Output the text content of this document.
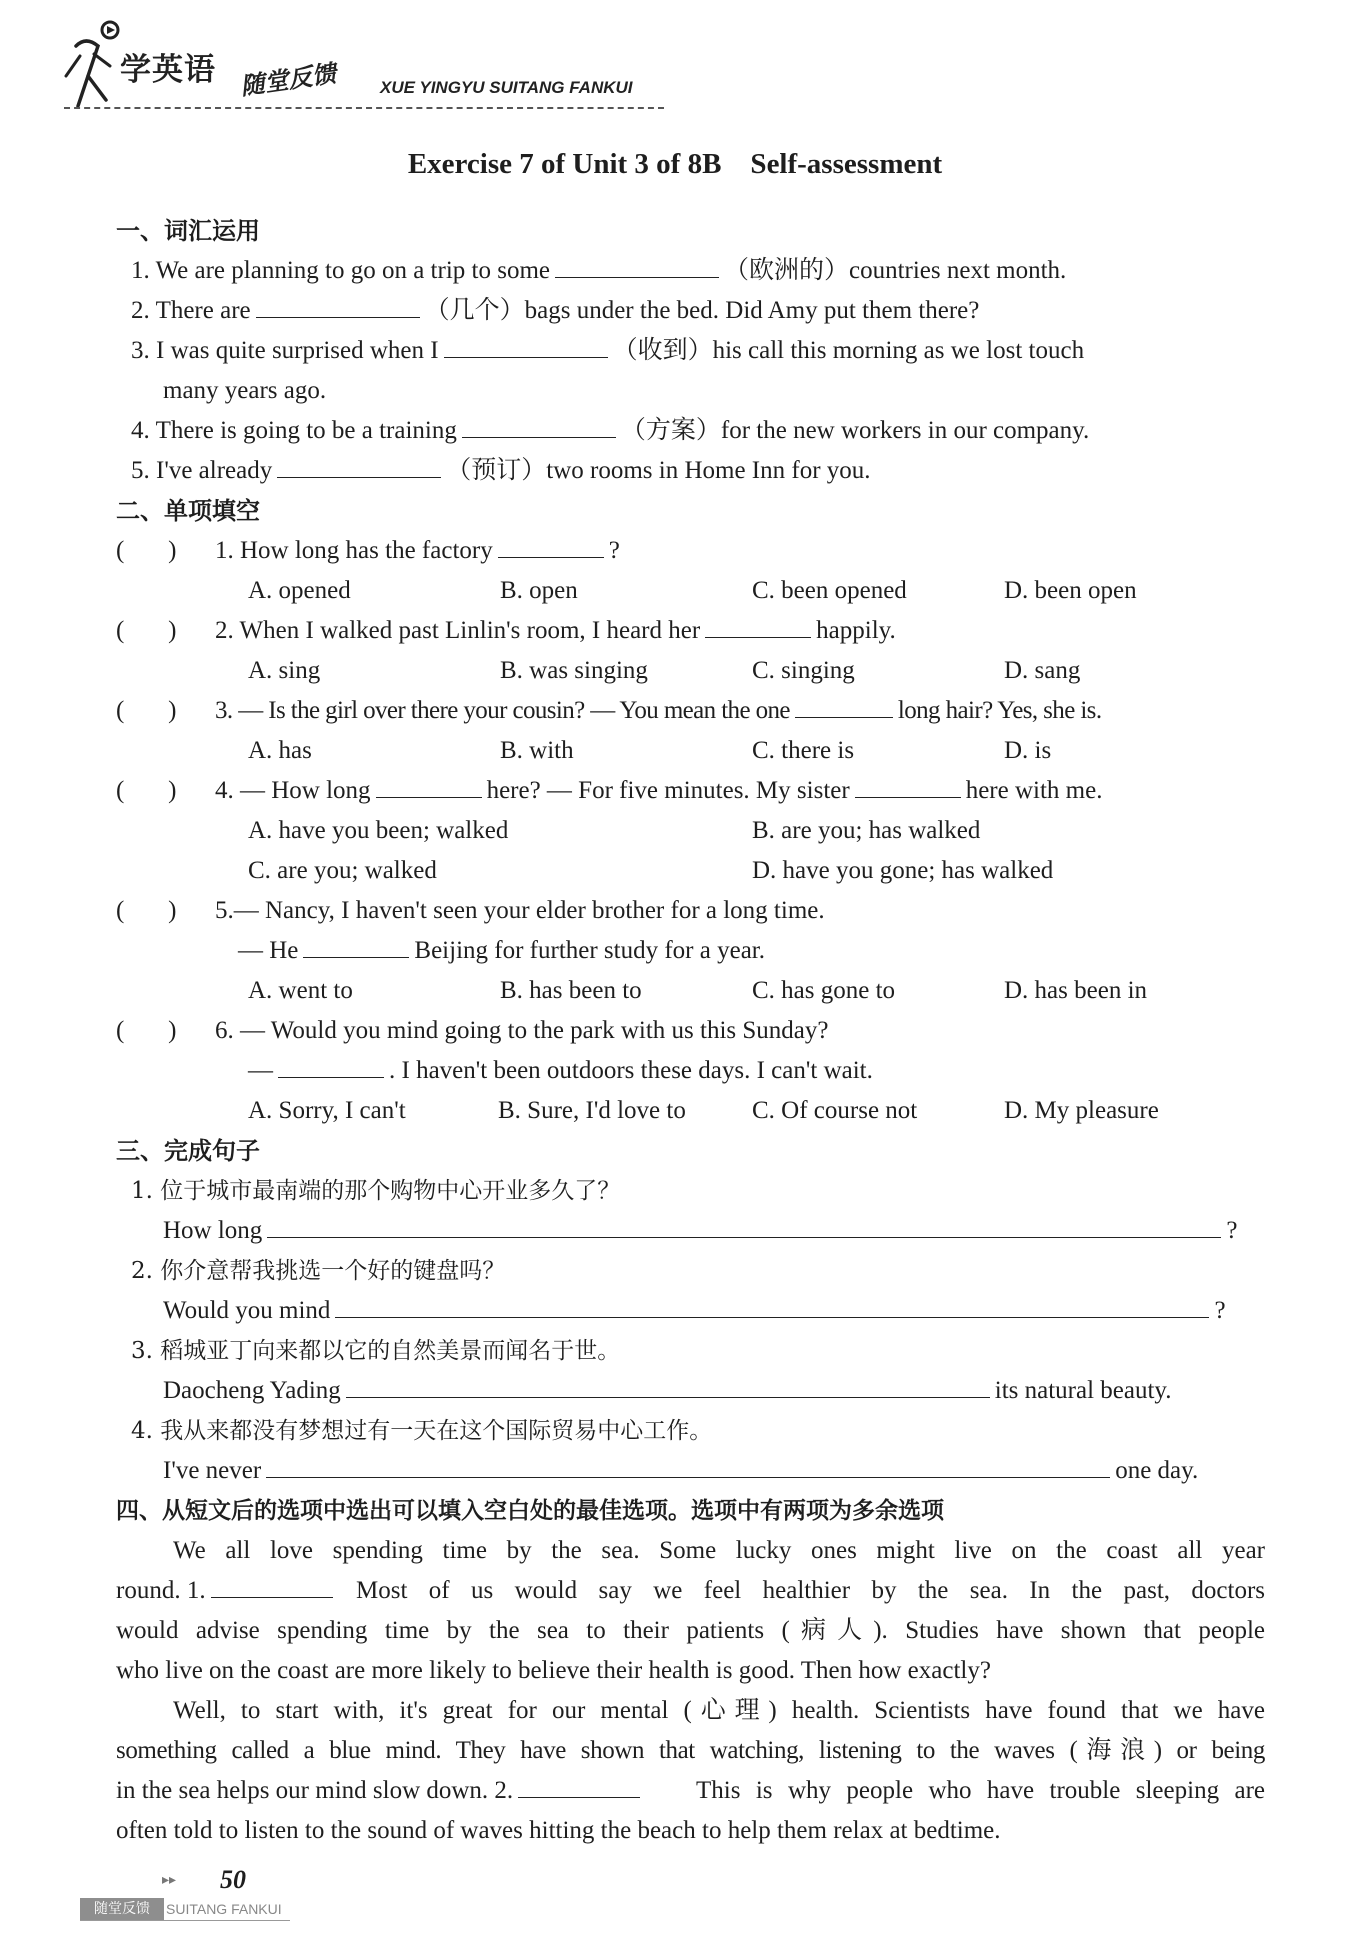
学英语 随堂反馈 XUE YINGYU SUITANG FANKUI
Exercise 7 of Unit 3 of 8B    Self-assessment
一、词汇运用
1. We are planning to go on a trip to some	（欧洲的）countries next month.
2. There are	（几个）bags under the bed. Did Amy put them there?
3. I was quite surprised when I	（收到）his call this morning as we lost touch
many years ago.
4. There is going to be a training	（方案）for the new workers in our company.
5. I've already	（预订）two rooms in Home Inn for you.
二、单项填空
(       ) 1. How long has the factory	?
A. opened	B. open	C. been opened	D. been open
(       ) 2. When I walked past Linlin's room, I heard her	happily.
A. sing	B. was singing	C. singing	D. sang
(       ) 3. — Is the girl over there your cousin? — You mean the one	long hair? Yes, she is.
A. has	B. with	C. there is	D. is
(       ) 4. — How long	here? — For five minutes. My sister	here with me.
A. have you been; walked	B. are you; has walked
C. are you; walked	D. have you gone; has walked
(       ) 5.— Nancy, I haven't seen your elder brother for a long time.
— He	Beijing for further study for a year.
A. went to	B. has been to	C. has gone to	D. has been in
(       ) 6. — Would you mind going to the park with us this Sunday?
—	. I haven't been outdoors these days. I can't wait.
A. Sorry, I can't	B. Sure, I'd love to	C. Of course not	D. My pleasure
三、完成句子
1. 位于城市最南端的那个购物中心开业多久了？
How long	?
2. 你介意帮我挑选一个好的键盘吗？
Would you mind	?
3. 稻城亚丁向来都以它的自然美景而闻名于世。
Daocheng Yading	its natural beauty.
4. 我从来都没有梦想过有一天在这个国际贸易中心工作。
I've never	one day.
四、从短文后的选项中选出可以填入空白处的最佳选项。选项中有两项为多余选项
We all love spending time by the sea. Some lucky ones might live on the coast all year
round. 1.	Most of us would say we feel healthier by the sea. In the past, doctors
would advise spending time by the sea to their patients (病人). Studies have shown that people
who live on the coast are more likely to believe their health is good. Then how exactly?
Well, to start with, it's great for our mental (心理) health. Scientists have found that we have
something called a blue mind. They have shown that watching, listening to the waves (海浪) or being
in the sea helps our mind slow down. 2.	This is why people who have trouble sleeping are
often told to listen to the sound of waves hitting the beach to help them relax at bedtime.
▸▸ 50
随堂反馈	SUITANG FANKUI
